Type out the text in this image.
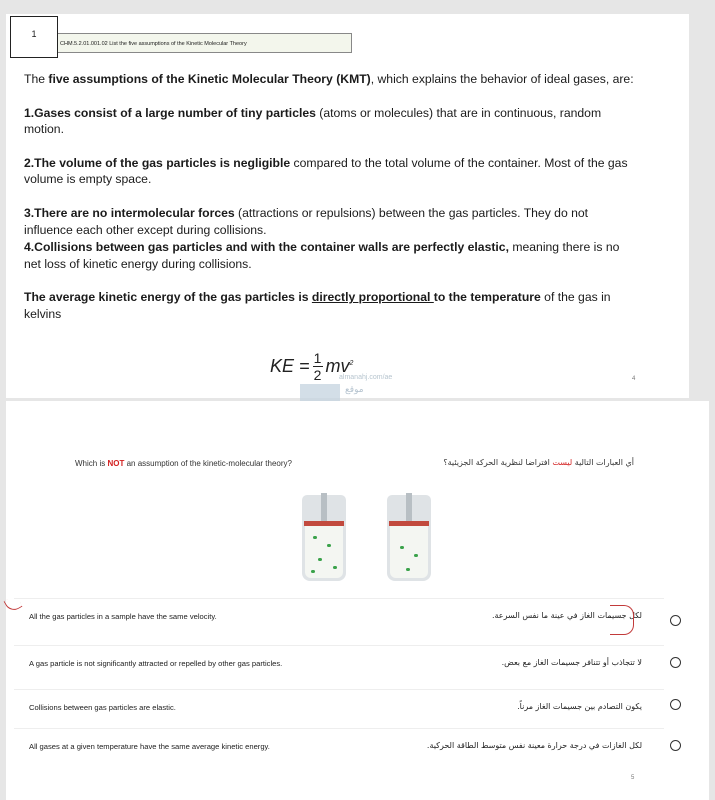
1
CHM.5.2.01.001.02 List the five assumptions of the Kinetic Molecular Theory

The five assumptions of the Kinetic Molecular Theory (KMT), which explains the behavior of ideal gases, are:

1.Gases consist of a large number of tiny particles (atoms or molecules) that are in continuous, random motion.

2.The volume of the gas particles is negligible compared to the total volume of the container. Most of the gas volume is empty space.

3.There are no intermolecular forces (attractions or repulsions) between the gas particles. They do not influence each other except during collisions.

4.Collisions between gas particles and with the container walls are perfectly elastic, meaning there is no net loss of kinetic energy during collisions.

The average kinetic energy of the gas particles is directly proportional to the temperature of the gas in kelvins

KE = $\frac{1}{2} mv^2$
almanahj.com/ae	4
موقع
Which is NOT an assumption of the kinetic-molecular theory?	أي العبارات التالية ليست افتراضا لنظرية الحركة الجزيئية؟
All the gas particles in a sample have the same velocity.	لكل جسيمات الغاز في عينة ما نفس السرعة.
A gas particle is not significantly attracted or repelled by other gas particles.	لا تتجاذب أو تتنافر جسيمات الغاز مع بعض.
Collisions between gas particles are elastic.	يكون التصادم بين جسيمات الغاز مرناً.
All gases at a given temperature have the same average kinetic energy.	لكل الغازات في درجة حرارة معينة نفس متوسط الطاقة الحركية.
5
